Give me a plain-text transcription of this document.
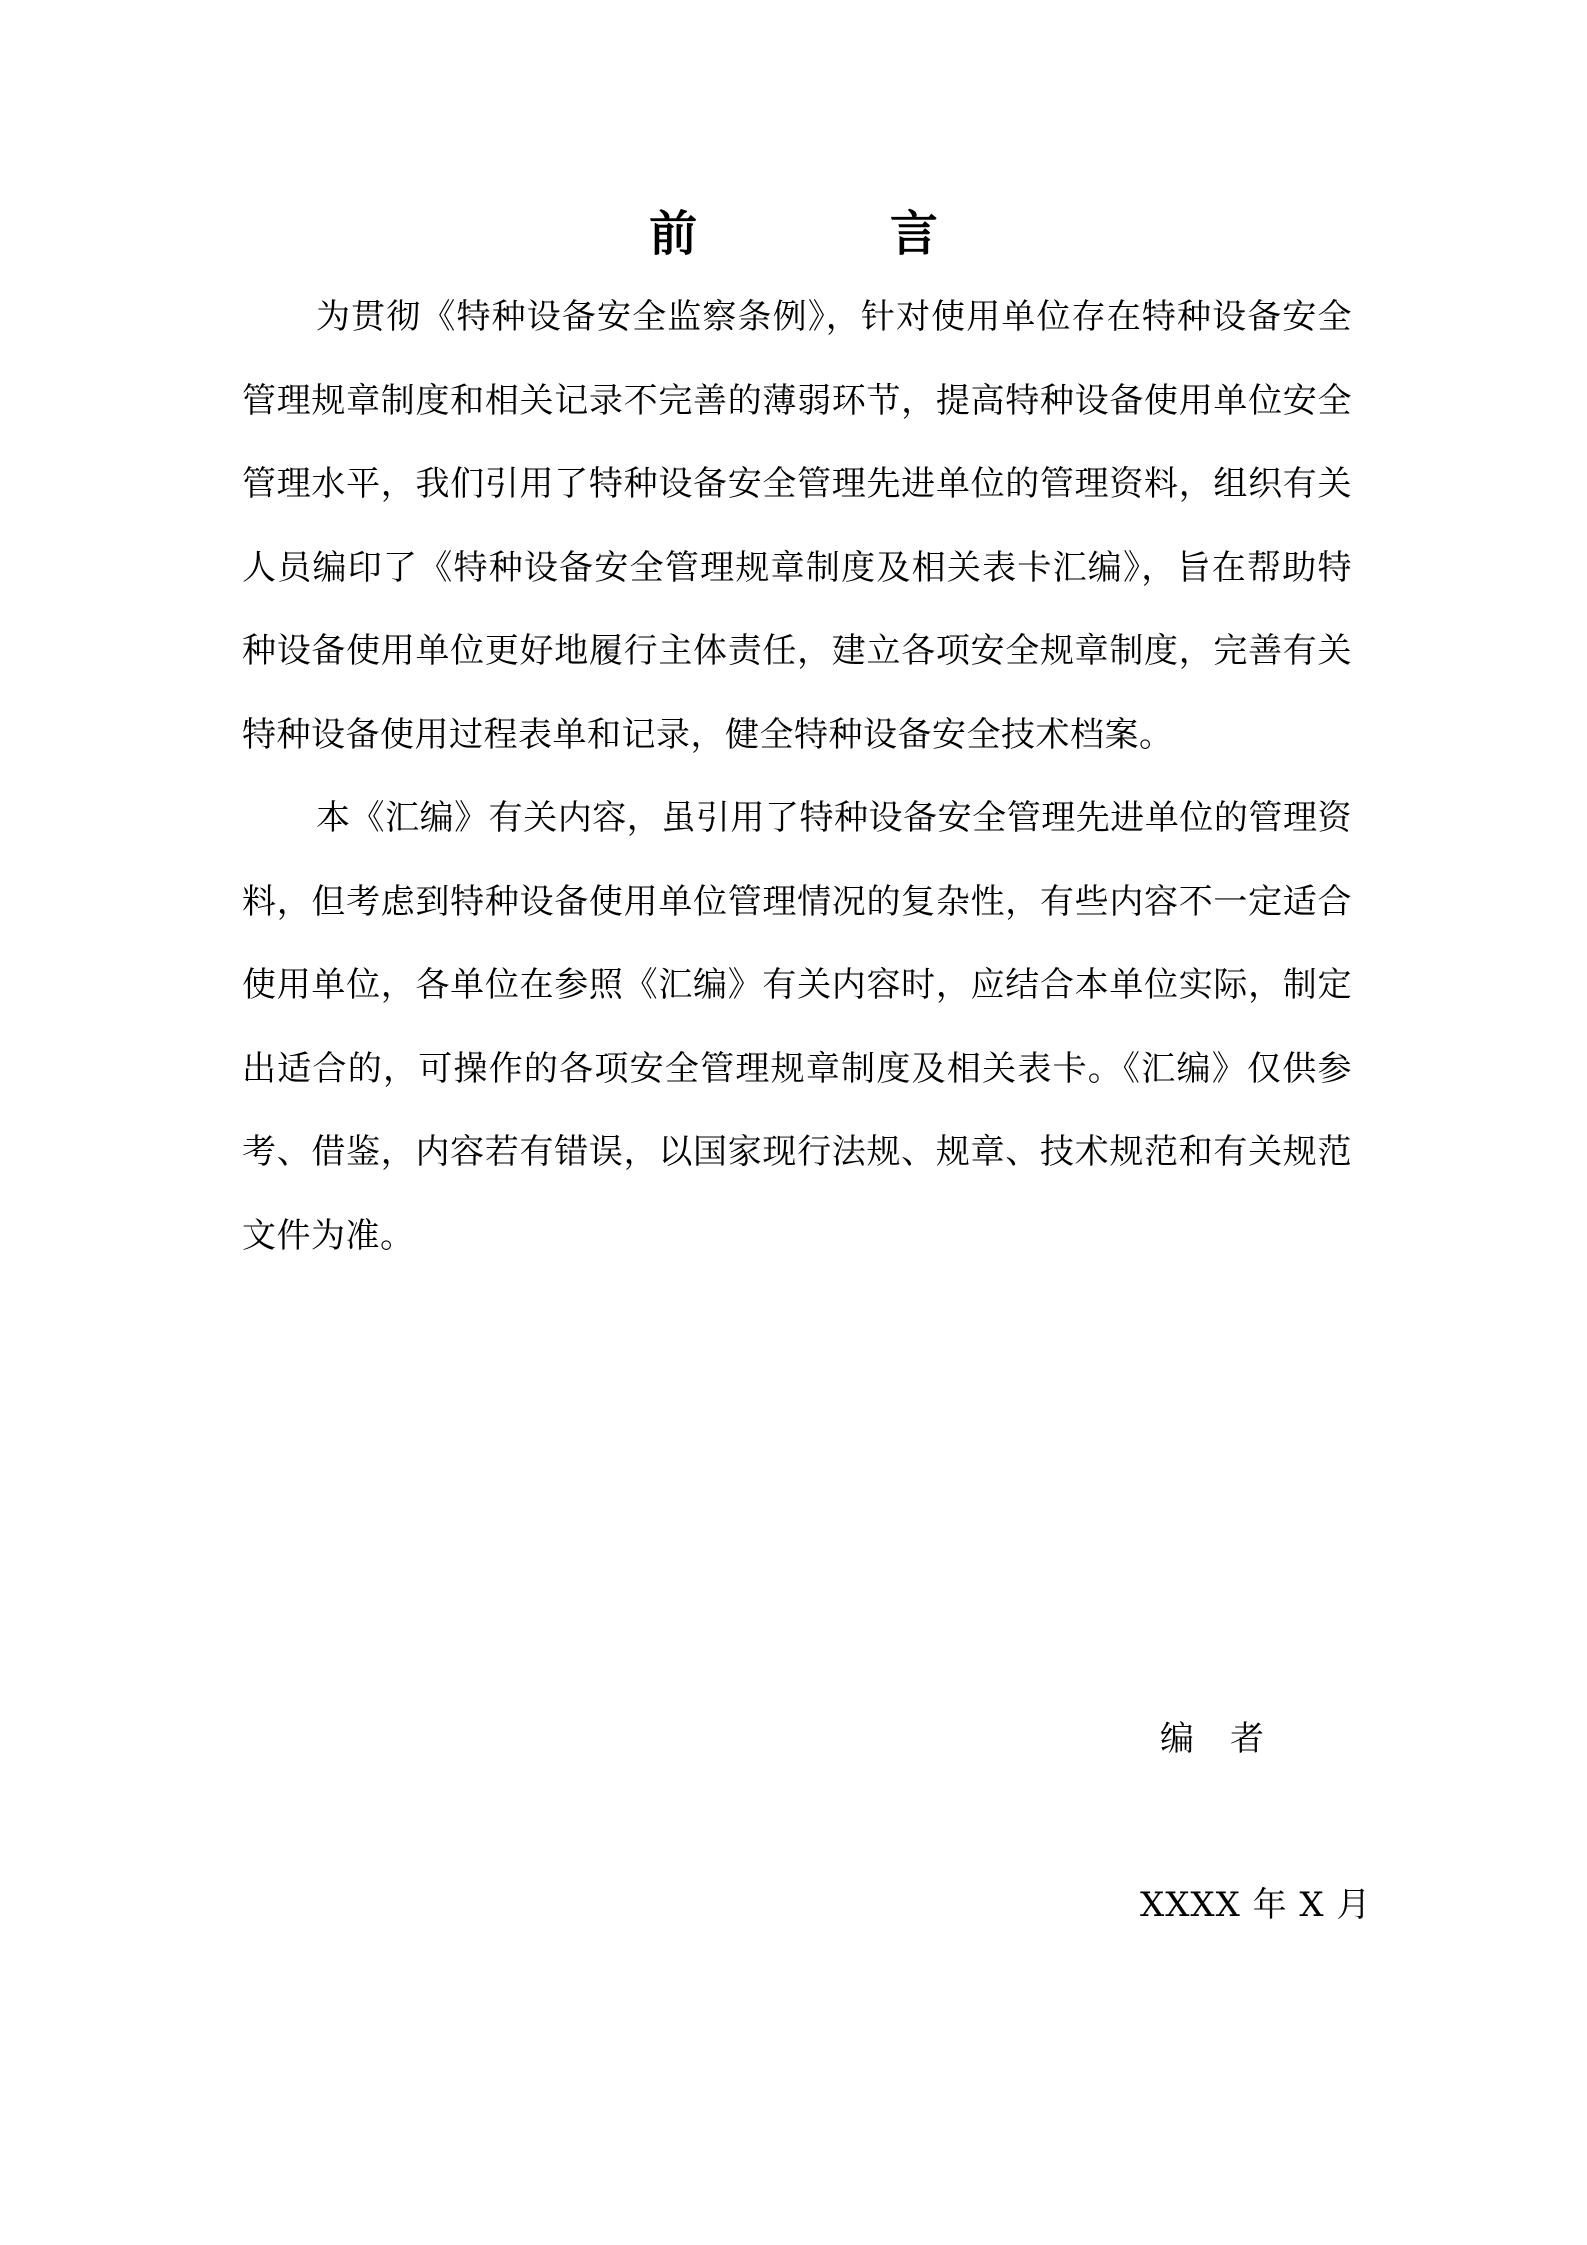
前 言

为贯彻《特种设备安全监察条例》，针对使用单位存在特种设备安全管理规章制度和相关记录不完善的薄弱环节，提高特种设备使用单位安全管理水平，我们引用了特种设备安全管理先进单位的管理资料，组织有关人员编印了《特种设备安全管理规章制度及相关表卡汇编》，旨在帮助特种设备使用单位更好地履行主体责任，建立各项安全规章制度，完善有关特种设备使用过程表单和记录，健全特种设备安全技术档案。

本《汇编》有关内容，虽引用了特种设备安全管理先进单位的管理资料，但考虑到特种设备使用单位管理情况的复杂性，有些内容不一定适合使用单位，各单位在参照《汇编》有关内容时，应结合本单位实际，制定出适合的，可操作的各项安全管理规章制度及相关表卡。《汇编》仅供参考、借鉴，内容若有错误，以国家现行法规、规章、技术规范和有关规范文件为准。

编者
XXXX 年 X 月
